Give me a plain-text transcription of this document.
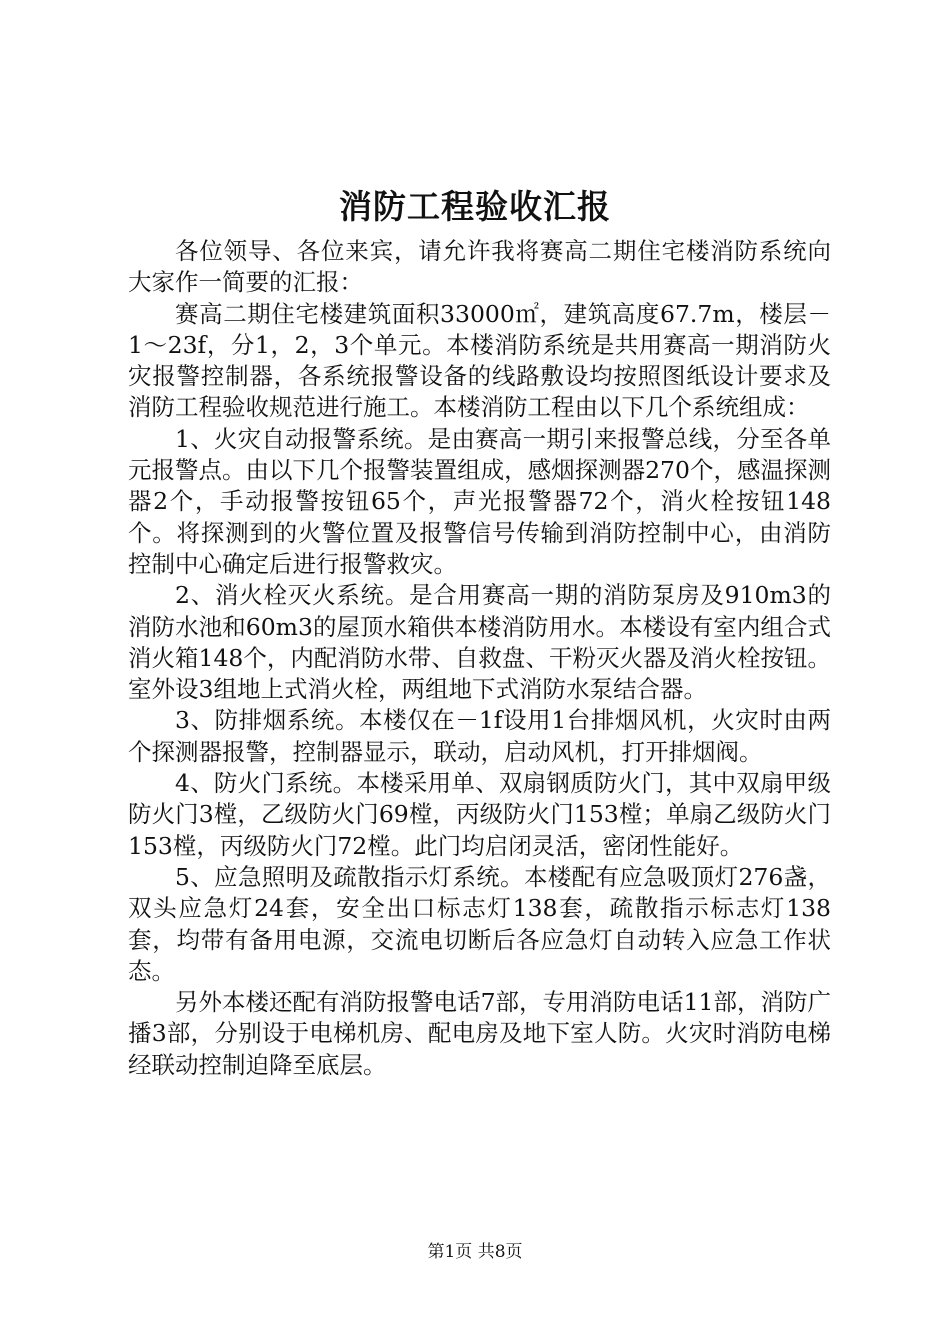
消防工程验收汇报

各位领导、各位来宾，请允许我将赛高二期住宅楼消防系统向大家作一简要的汇报：

赛高二期住宅楼建筑面积33000㎡，建筑高度67.7m，楼层－1～23f，分1，2，3个单元。本楼消防系统是共用赛高一期消防火灾报警控制器，各系统报警设备的线路敷设均按照图纸设计要求及消防工程验收规范进行施工。本楼消防工程由以下几个系统组成：

1、火灾自动报警系统。是由赛高一期引来报警总线，分至各单元报警点。由以下几个报警装置组成，感烟探测器270个，感温探测器2个，手动报警按钮65个，声光报警器72个，消火栓按钮148个。将探测到的火警位置及报警信号传输到消防控制中心，由消防控制中心确定后进行报警救灾。

2、消火栓灭火系统。是合用赛高一期的消防泵房及910m3的消防水池和60m3的屋顶水箱供本楼消防用水。本楼设有室内组合式消火箱148个，内配消防水带、自救盘、干粉灭火器及消火栓按钮。室外设3组地上式消火栓，两组地下式消防水泵结合器。

3、防排烟系统。本楼仅在－1f设用1台排烟风机，火灾时由两个探测器报警，控制器显示，联动，启动风机，打开排烟阀。

4、防火门系统。本楼采用单、双扇钢质防火门，其中双扇甲级防火门3樘，乙级防火门69樘，丙级防火门153樘；单扇乙级防火门153樘，丙级防火门72樘。此门均启闭灵活，密闭性能好。

5、应急照明及疏散指示灯系统。本楼配有应急吸顶灯276盏，双头应急灯24套，安全出口标志灯138套，疏散指示标志灯138套，均带有备用电源，交流电切断后各应急灯自动转入应急工作状态。

另外本楼还配有消防报警电话7部，专用消防电话11部，消防广播3部，分别设于电梯机房、配电房及地下室人防。火灾时消防电梯经联动控制迫降至底层。

第1页 共8页
